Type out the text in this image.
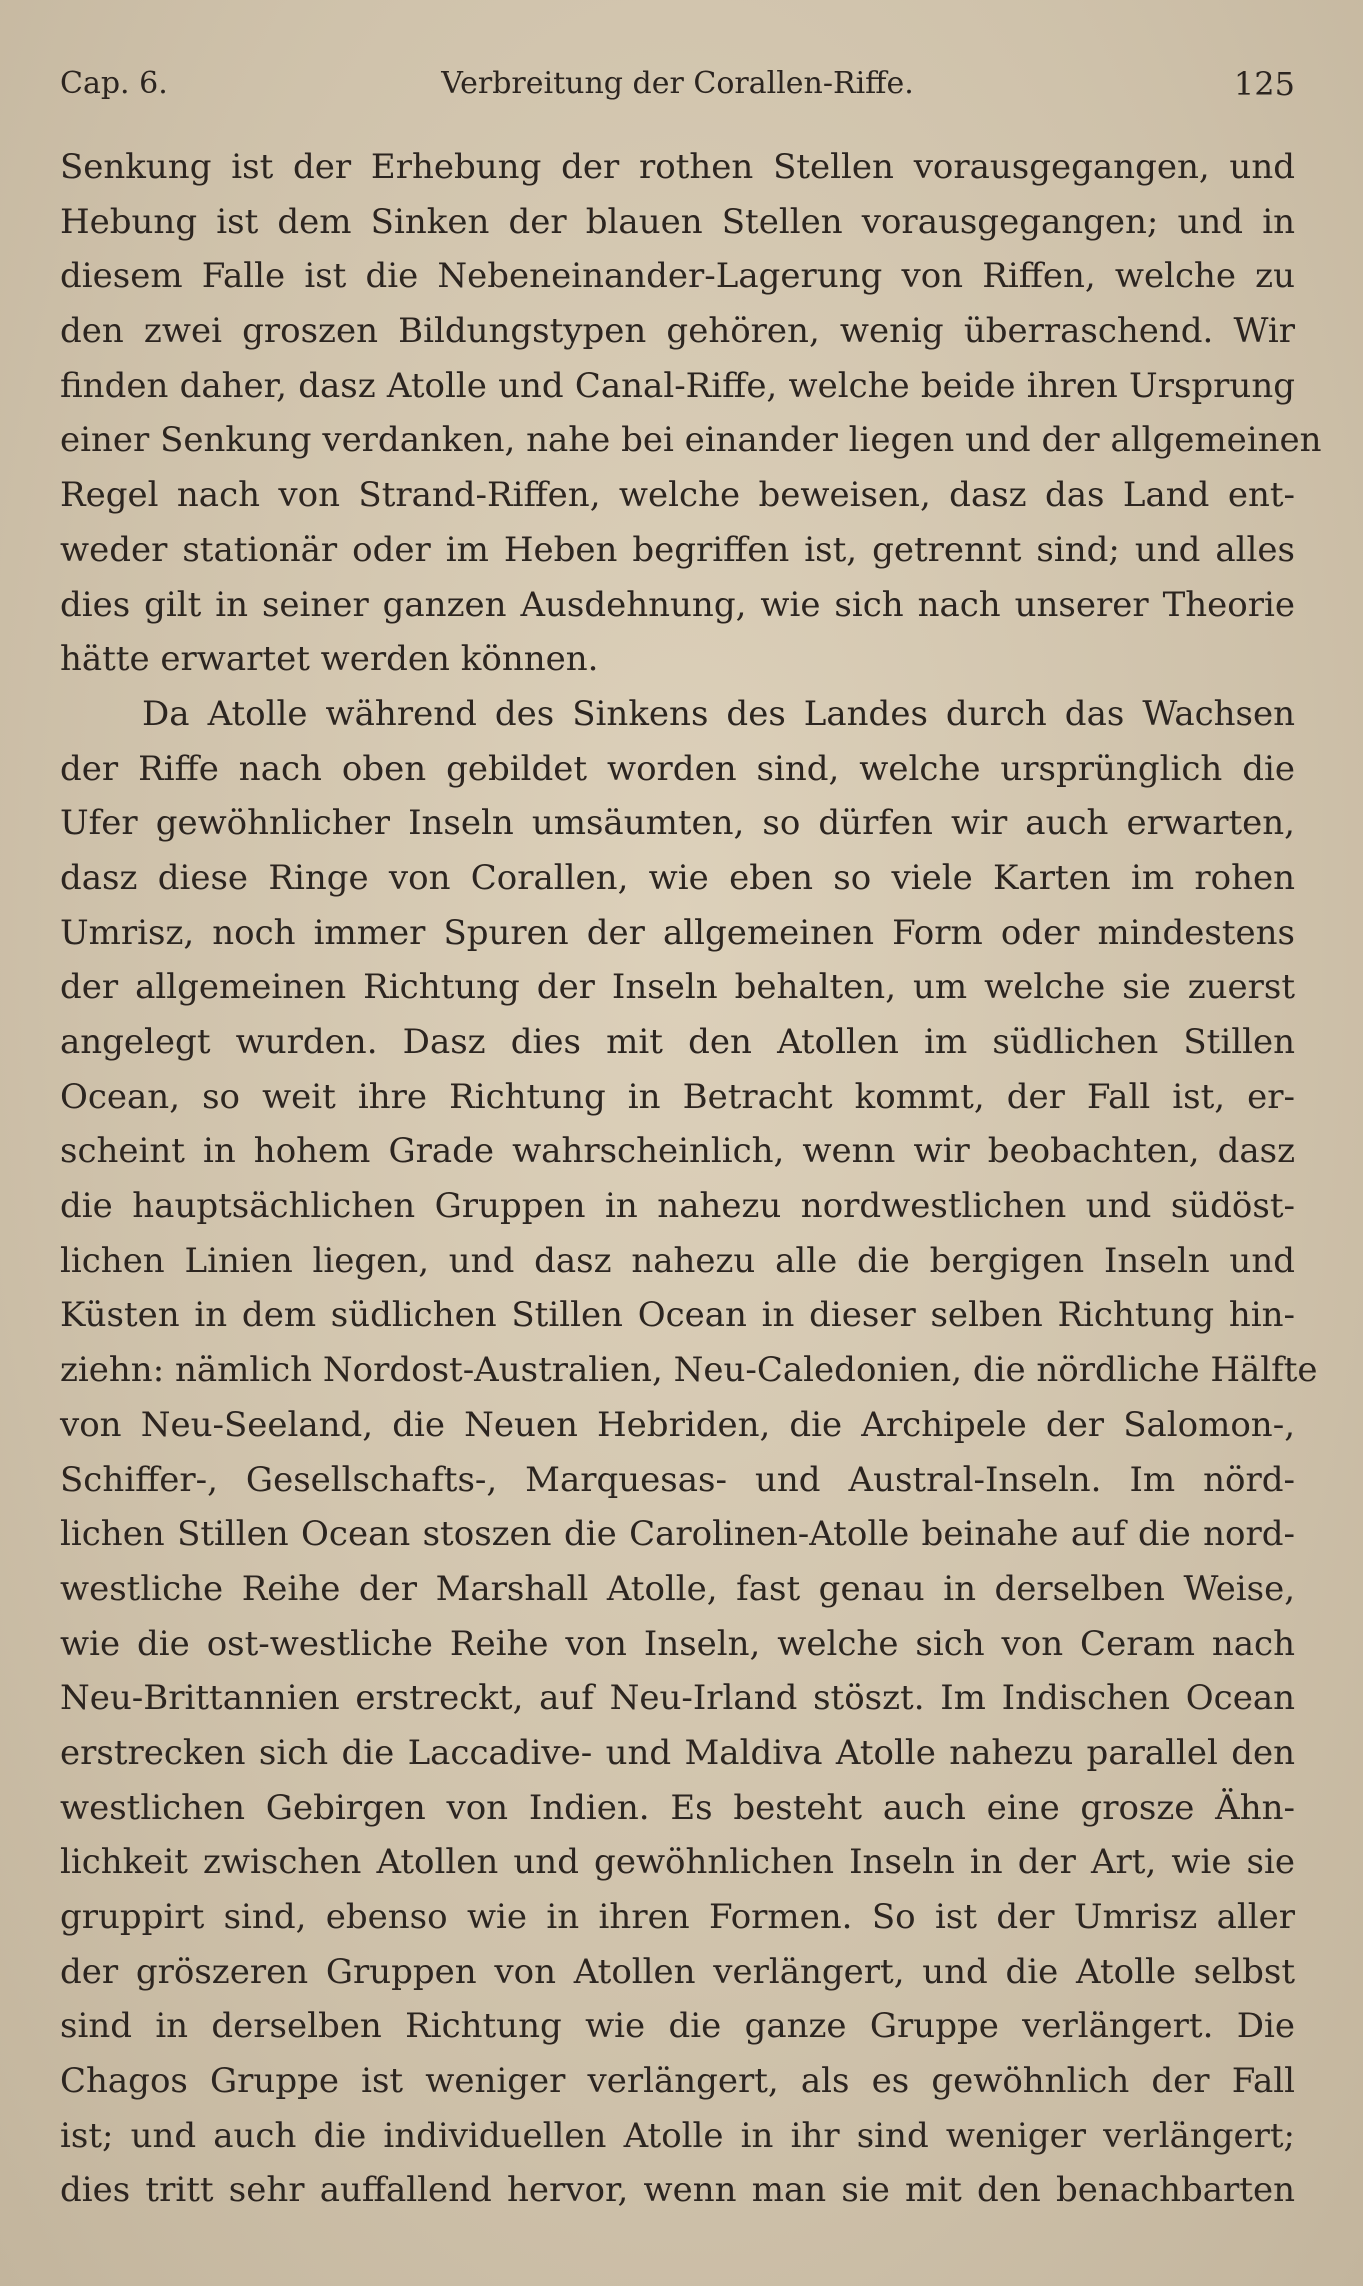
Cap. 6.	Verbreitung der Corallen-Riffe.	125
Senkung ist der Erhebung der rothen Stellen vorausgegangen, und
Hebung ist dem Sinken der blauen Stellen vorausgegangen; und in
diesem Falle ist die Nebeneinander-Lagerung von Riffen, welche zu
den zwei groszen Bildungstypen gehören, wenig überraschend. Wir
finden daher, dasz Atolle und Canal-Riffe, welche beide ihren Ursprung
einer Senkung verdanken, nahe bei einander liegen und der allgemeinen
Regel nach von Strand-Riffen, welche beweisen, dasz das Land ent-
weder stationär oder im Heben begriffen ist, getrennt sind; und alles
dies gilt in seiner ganzen Ausdehnung, wie sich nach unserer Theorie
hätte erwartet werden können.
Da Atolle während des Sinkens des Landes durch das Wachsen
der Riffe nach oben gebildet worden sind, welche ursprünglich die
Ufer gewöhnlicher Inseln umsäumten, so dürfen wir auch erwarten,
dasz diese Ringe von Corallen, wie eben so viele Karten im rohen
Umrisz, noch immer Spuren der allgemeinen Form oder mindestens
der allgemeinen Richtung der Inseln behalten, um welche sie zuerst
angelegt wurden. Dasz dies mit den Atollen im südlichen Stillen
Ocean, so weit ihre Richtung in Betracht kommt, der Fall ist, er-
scheint in hohem Grade wahrscheinlich, wenn wir beobachten, dasz
die hauptsächlichen Gruppen in nahezu nordwestlichen und südöst-
lichen Linien liegen, und dasz nahezu alle die bergigen Inseln und
Küsten in dem südlichen Stillen Ocean in dieser selben Richtung hin-
ziehn: nämlich Nordost-Australien, Neu-Caledonien, die nördliche Hälfte
von Neu-Seeland, die Neuen Hebriden, die Archipele der Salomon-,
Schiffer-, Gesellschafts-, Marquesas- und Austral-Inseln. Im nörd-
lichen Stillen Ocean stoszen die Carolinen-Atolle beinahe auf die nord-
westliche Reihe der Marshall Atolle, fast genau in derselben Weise,
wie die ost-westliche Reihe von Inseln, welche sich von Ceram nach
Neu-Brittannien erstreckt, auf Neu-Irland stöszt. Im Indischen Ocean
erstrecken sich die Laccadive- und Maldiva Atolle nahezu parallel den
westlichen Gebirgen von Indien. Es besteht auch eine grosze Ähn-
lichkeit zwischen Atollen und gewöhnlichen Inseln in der Art, wie sie
gruppirt sind, ebenso wie in ihren Formen. So ist der Umrisz aller
der gröszeren Gruppen von Atollen verlängert, und die Atolle selbst
sind in derselben Richtung wie die ganze Gruppe verlängert. Die
Chagos Gruppe ist weniger verlängert, als es gewöhnlich der Fall
ist; und auch die individuellen Atolle in ihr sind weniger verlängert;
dies tritt sehr auffallend hervor, wenn man sie mit den benachbarten
